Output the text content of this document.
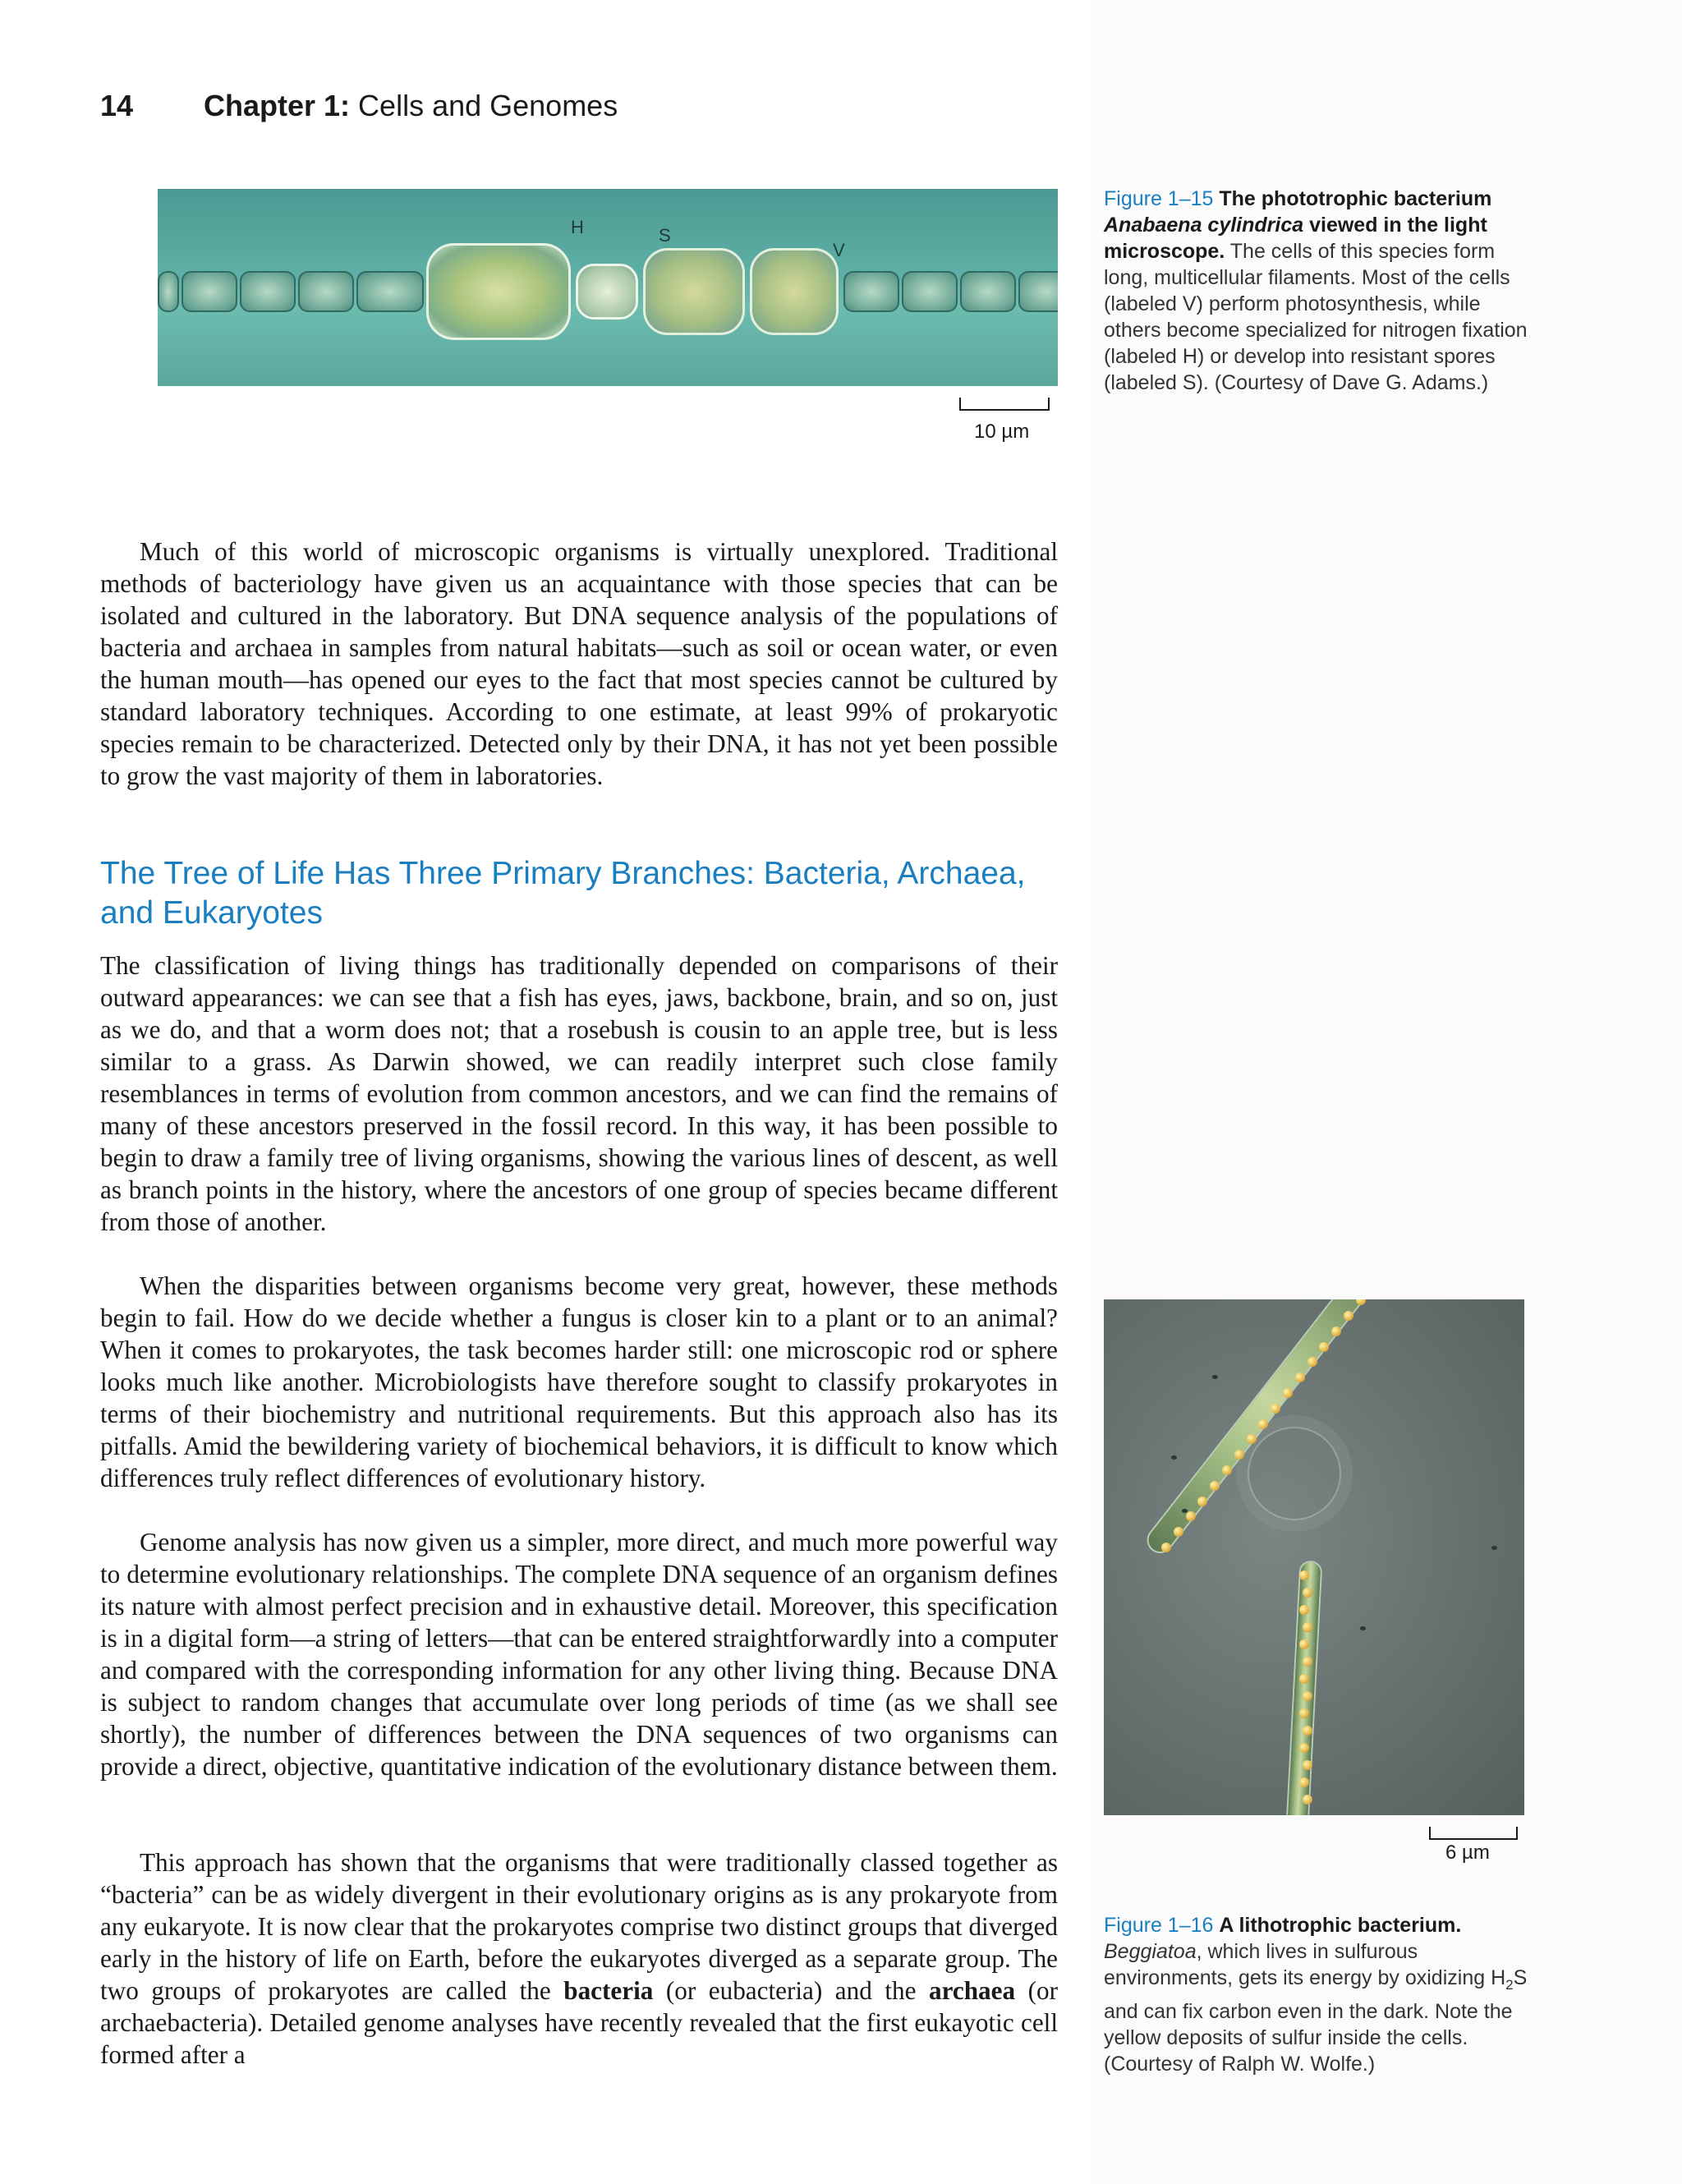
14 Chapter 1: Cells and Genomes
H	S
V
10 µm
Figure 1–15 The phototrophic bacterium Anabaena cylindrica viewed in the light microscope. The cells of this species form long, multicellular filaments. Most of the cells (labeled V) perform photosynthesis, while others become specialized for nitrogen fixation (labeled H) or develop into resistant spores (labeled S). (Courtesy of Dave G. Adams.)

Much of this world of microscopic organisms is virtually unexplored. Traditional methods of bacteriology have given us an acquaintance with those species that can be isolated and cultured in the laboratory. But DNA sequence analysis of the populations of bacteria and archaea in samples from natural habitats—such as soil or ocean water, or even the human mouth—has opened our eyes to the fact that most species cannot be cultured by standard laboratory techniques. According to one estimate, at least 99% of prokaryotic species remain to be characterized. Detected only by their DNA, it has not yet been possible to grow the vast majority of them in laboratories.

The Tree of Life Has Three Primary Branches: Bacteria, Archaea, and Eukaryotes

The classification of living things has traditionally depended on comparisons of their outward appearances: we can see that a fish has eyes, jaws, backbone, brain, and so on, just as we do, and that a worm does not; that a rosebush is cousin to an apple tree, but is less similar to a grass. As Darwin showed, we can readily interpret such close family resemblances in terms of evolution from common ancestors, and we can find the remains of many of these ancestors preserved in the fossil record. In this way, it has been possible to begin to draw a family tree of living organisms, showing the various lines of descent, as well as branch points in the history, where the ancestors of one group of species became different from those of another.

When the disparities between organisms become very great, however, these methods begin to fail. How do we decide whether a fungus is closer kin to a plant or to an animal? When it comes to prokaryotes, the task becomes harder still: one microscopic rod or sphere looks much like another. Microbiologists have therefore sought to classify prokaryotes in terms of their biochemistry and nutritional requirements. But this approach also has its pitfalls. Amid the bewildering variety of biochemical behaviors, it is difficult to know which differences truly reflect differences of evolutionary history.

Genome analysis has now given us a simpler, more direct, and much more powerful way to determine evolutionary relationships. The complete DNA sequence of an organism defines its nature with almost perfect precision and in exhaustive detail. Moreover, this specification is in a digital form—a string of letters—that can be entered straightforwardly into a computer and compared with the corresponding information for any other living thing. Because DNA is subject to random changes that accumulate over long periods of time (as we shall see shortly), the number of differences between the DNA sequences of two organisms can provide a direct, objective, quantitative indication of the evolutionary distance between them.

This approach has shown that the organisms that were traditionally classed together as “bacteria” can be as widely divergent in their evolutionary origins as is any prokaryote from any eukaryote. It is now clear that the prokaryotes comprise two distinct groups that diverged early in the history of life on Earth, before the eukaryotes diverged as a separate group. The two groups of prokaryotes are called the bacteria (or eubacteria) and the archaea (or archaebacteria). Detailed genome analyses have recently revealed that the first eukayotic cell formed after a

6 µm
Figure 1–16 A lithotrophic bacterium.
Beggiatoa, which lives in sulfurous environments, gets its energy by oxidizing $H_2S$ and can fix carbon even in the dark. Note the yellow deposits of sulfur inside the cells. (Courtesy of Ralph W. Wolfe.)
